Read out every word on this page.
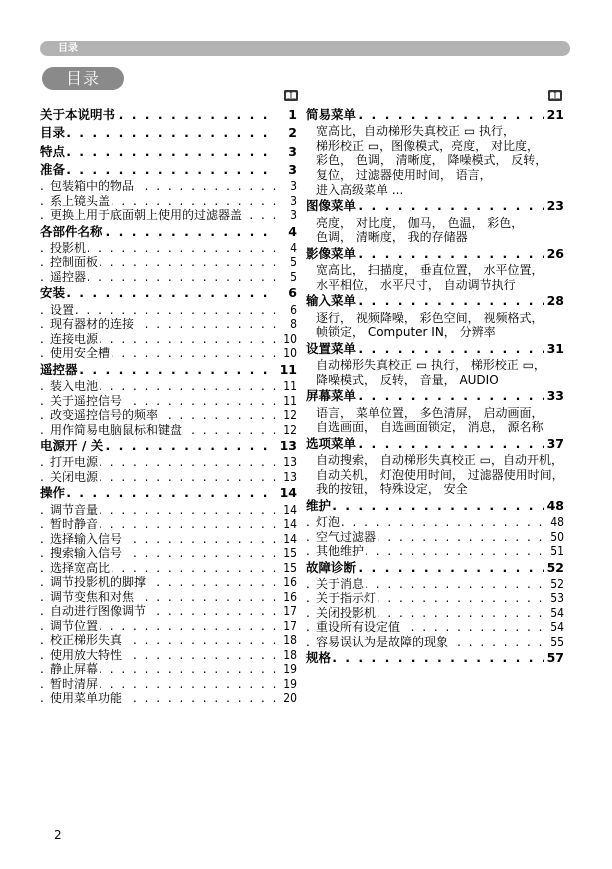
目录
目录
关于本说明书 . . .	1
目录 . . .	2
特点 . . .	3
准备 . . .	3
包装箱中的物品 . . .	3
系上镜头盖 . . .	3
更换上用于底面朝上使用的过滤器盖 . . .	3
各部件名称 . . .	4
投影机 . . .	4
控制面板 . . .	5
遥控器 . . .	5
安装 . . .	6
设置 . . .	6
现有器材的连接 . . .	8
连接电源 . . .	10
使用安全槽 . . .	10
遥控器 . . .	11
装入电池 . . .	11
关于遥控信号 . . .	11
改变遥控信号的频率 . . .	12
用作简易电脑鼠标和键盘 . . .	12
电源开 / 关 . . .	13
打开电源 . . .	13
关闭电源 . . .	13
操作 . . .	14
调节音量 . . .	14
暂时静音 . . .	14
选择输入信号 . . .	14
搜索输入信号 . . .	15
选择宽高比 . . .	15
调节投影机的脚撑 . . .	16
调节变焦和对焦 . . .	16
自动进行图像调节 . . .	17
调节位置 . . .	17
校正梯形失真 . . .	18
使用放大特性 . . .	18
静止屏幕 . . .	19
暂时清屏 . . .	19
使用菜单功能 . . .	20
简易菜单 . . .	21
宽高比，自动梯形失真校正 ▭ 执行，
梯形校正 ▭，图像模式，亮度， 对比度，
彩色， 色调， 清晰度， 降噪模式， 反转，
复位， 过滤器使用时间， 语言，
进入高级菜单 ...
图像菜单 . . .	23
亮度， 对比度， 伽马， 色温， 彩色，
色调， 清晰度， 我的存储器
影像菜单 . . .	26
宽高比， 扫描度， 垂直位置， 水平位置，
水平相位， 水平尺寸， 自动调节执行
输入菜单 . . .	28
逐行， 视频降噪， 彩色空间， 视频格式，
帧锁定， Computer IN， 分辨率
设置菜单 . . .	31
自动梯形失真校正 ▭ 执行， 梯形校正 ▭，
降噪模式， 反转， 音量， AUDIO
屏幕菜单 . . .	33
语言， 菜单位置， 多色清屏， 启动画面，
自选画面， 自选画面锁定， 消息， 源名称
选项菜单 . . .	37
自动搜索， 自动梯形失真校正 ▭，自动开机，
自动关机， 灯泡使用时间， 过滤器使用时间，
我的按钮， 特殊设定， 安全
维护 . . .	48
灯泡 . . .	48
空气过滤器 . . .	50
其他维护 . . .	51
故障诊断 . . .	52
关于消息 . . .	52
关于指示灯 . . .	53
关闭投影机 . . .	54
重设所有设定值 . . .	54
容易误认为是故障的现象 . . .	55
规格 . . .	57
2
